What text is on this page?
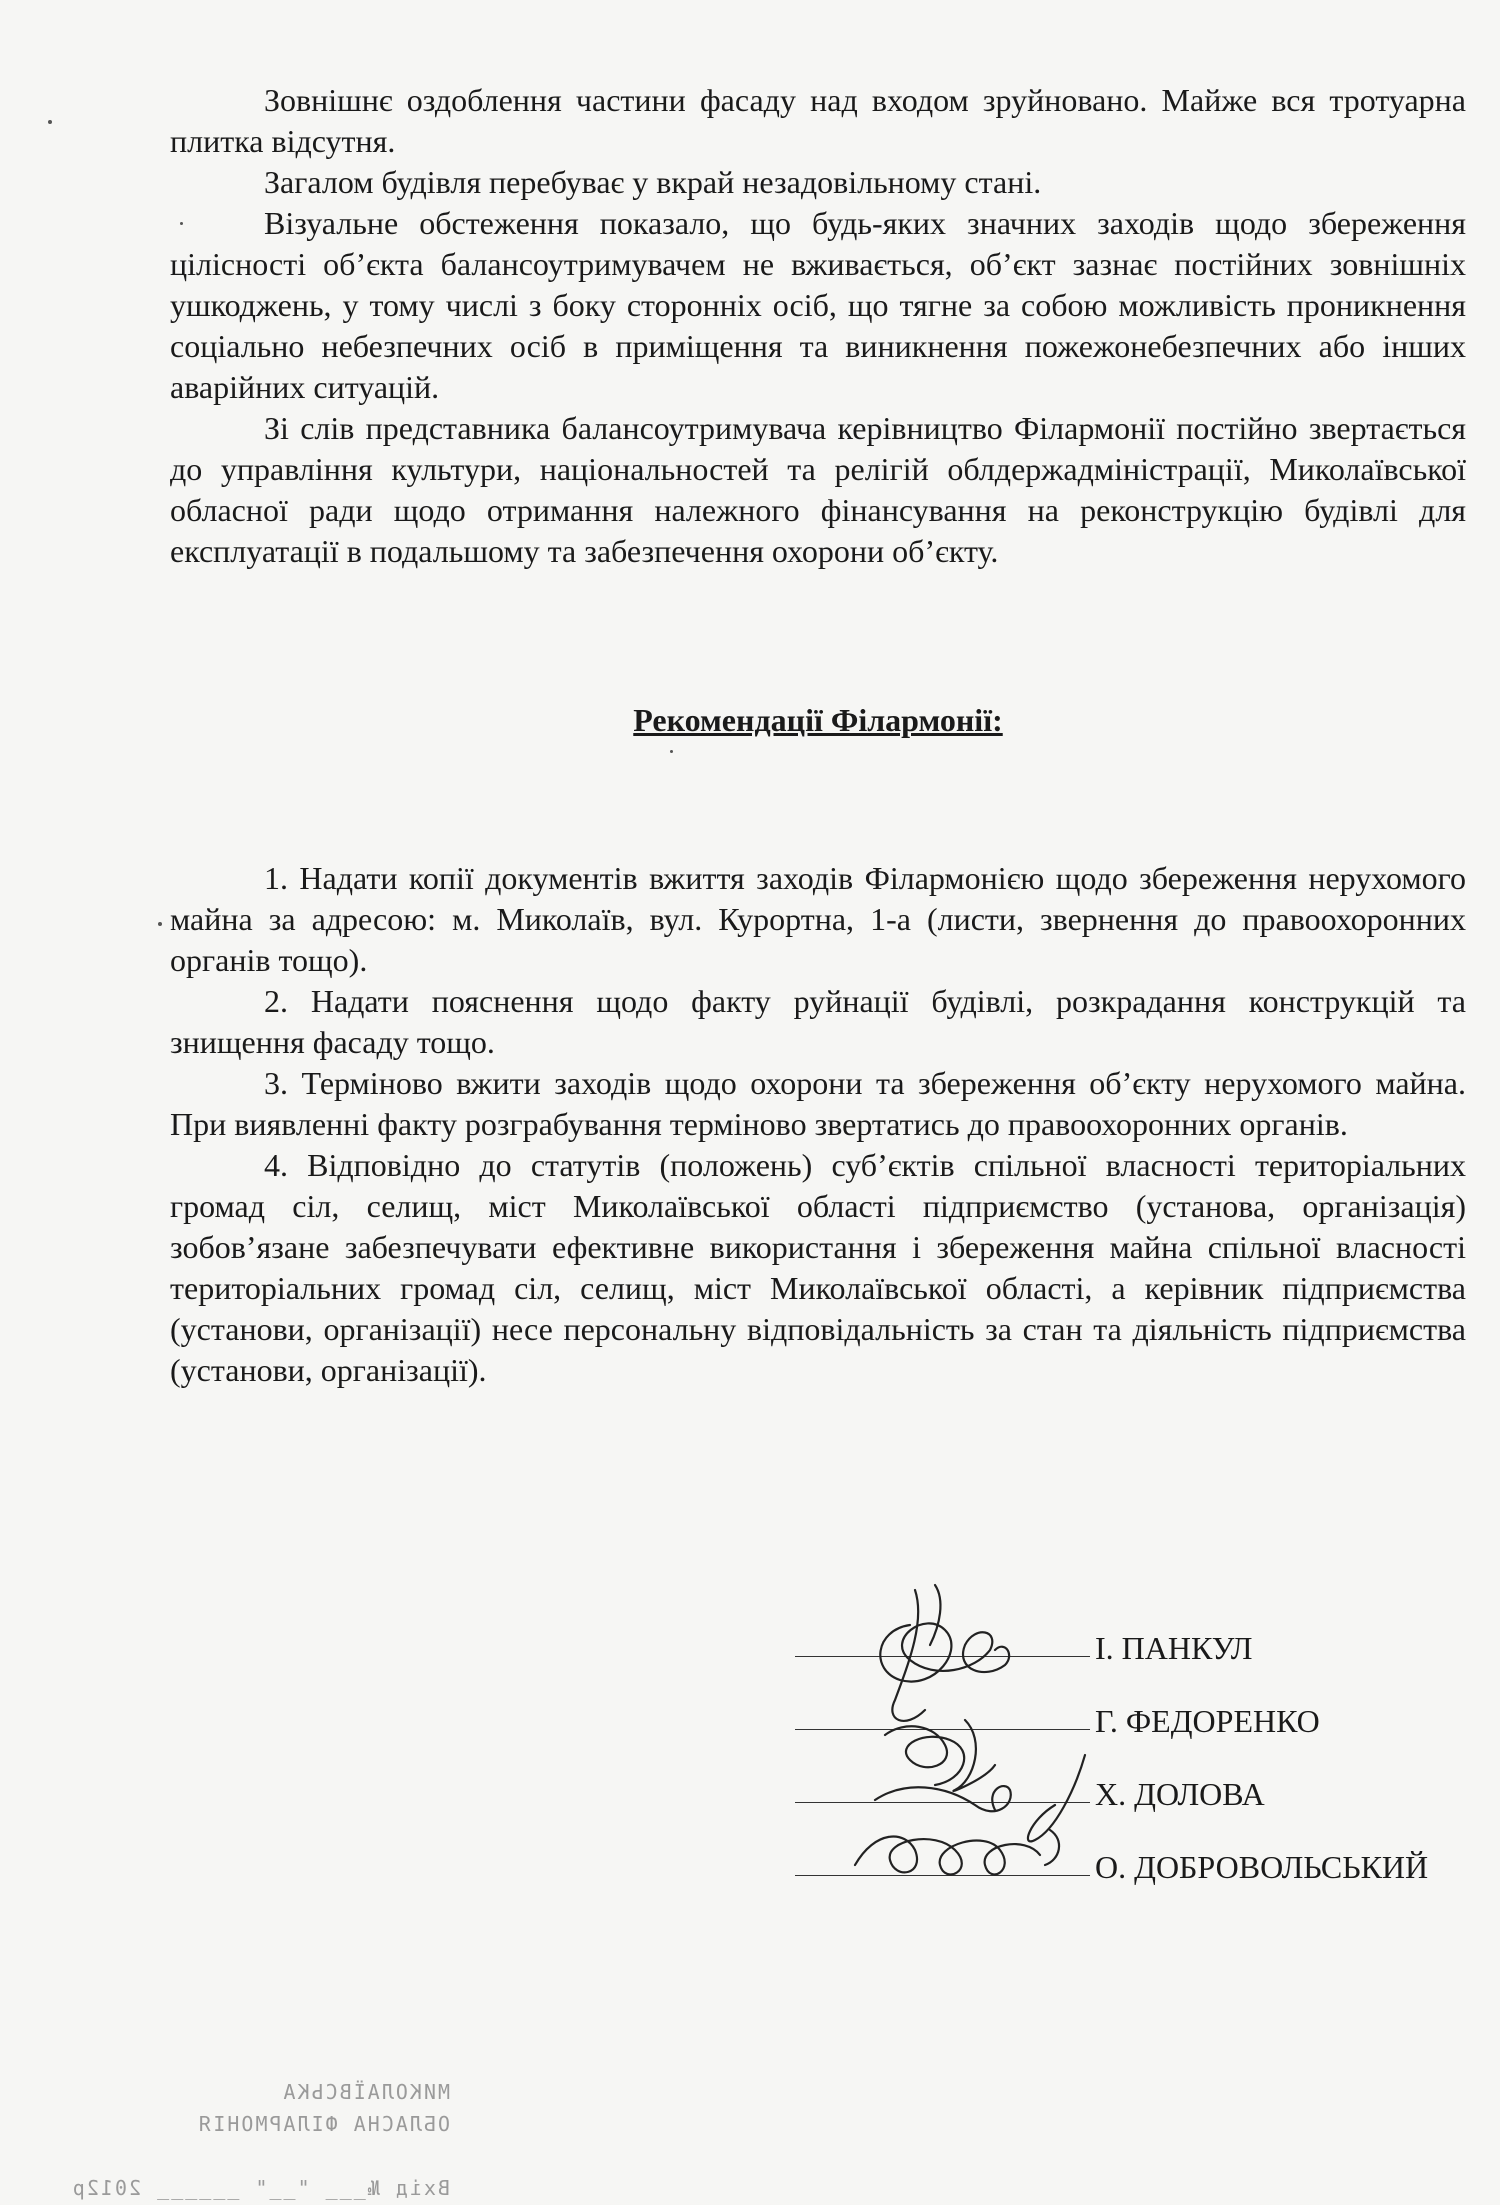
Зовнішнє оздоблення частини фасаду над входом зруйновано. Майже вся тротуарна плитка відсутня.

Загалом будівля перебуває у вкрай незадовільному стані.

Візуальне обстеження показало, що будь-яких значних заходів щодо збереження цілісності об’єкта балансоутримувачем не вживається, об’єкт зазнає постійних зовнішніх ушкоджень, у тому числі з боку сторонніх осіб, що тягне за собою можливість проникнення соціально небезпечних осіб в приміщення та виникнення пожежонебезпечних або інших аварійних ситуацій.

Зі слів представника балансоутримувача керівництво Філармонії постійно звертається до управління культури, національностей та релігій облдержадміністрації, Миколаївської обласної ради щодо отримання належного фінансування на реконструкцію будівлі для експлуатації в подальшому та забезпечення охорони об’єкту.

Рекомендації Філармонії:

1. Надати копії документів вжиття заходів Філармонією щодо збереження нерухомого майна за адресою: м. Миколаїв, вул. Курортна, 1-а (листи, звернення до правоохоронних органів тощо).

2. Надати пояснення щодо факту руйнації будівлі, розкрадання конструкцій та знищення фасаду тощо.

3. Терміново вжити заходів щодо охорони та збереження об’єкту нерухомого майна. При виявленні факту розграбування терміново звертатись до правоохоронних органів.

4. Відповідно до статутів (положень) суб’єктів спільної власності територіальних громад сіл, селищ, міст Миколаївської області підприємство (установа, організація) зобов’язане забезпечувати ефективне використання і збереження майна спільної власності територіальних громад сіл, селищ, міст Миколаївської області, а керівник підприємства (установи, організації) несе персональну відповідальність за стан та діяльність підприємства (установи, організації).

І. ПАНКУЛ
Г. ФЕДОРЕНКО
Х. ДОЛОВА
О. ДОБРОВОЛЬСЬКИЙ
МИКОЛАЇВСЬКА
ОБЛАСНА ФІЛАРМОНІЯ
Вхід №___ "__" ______ 2012р
